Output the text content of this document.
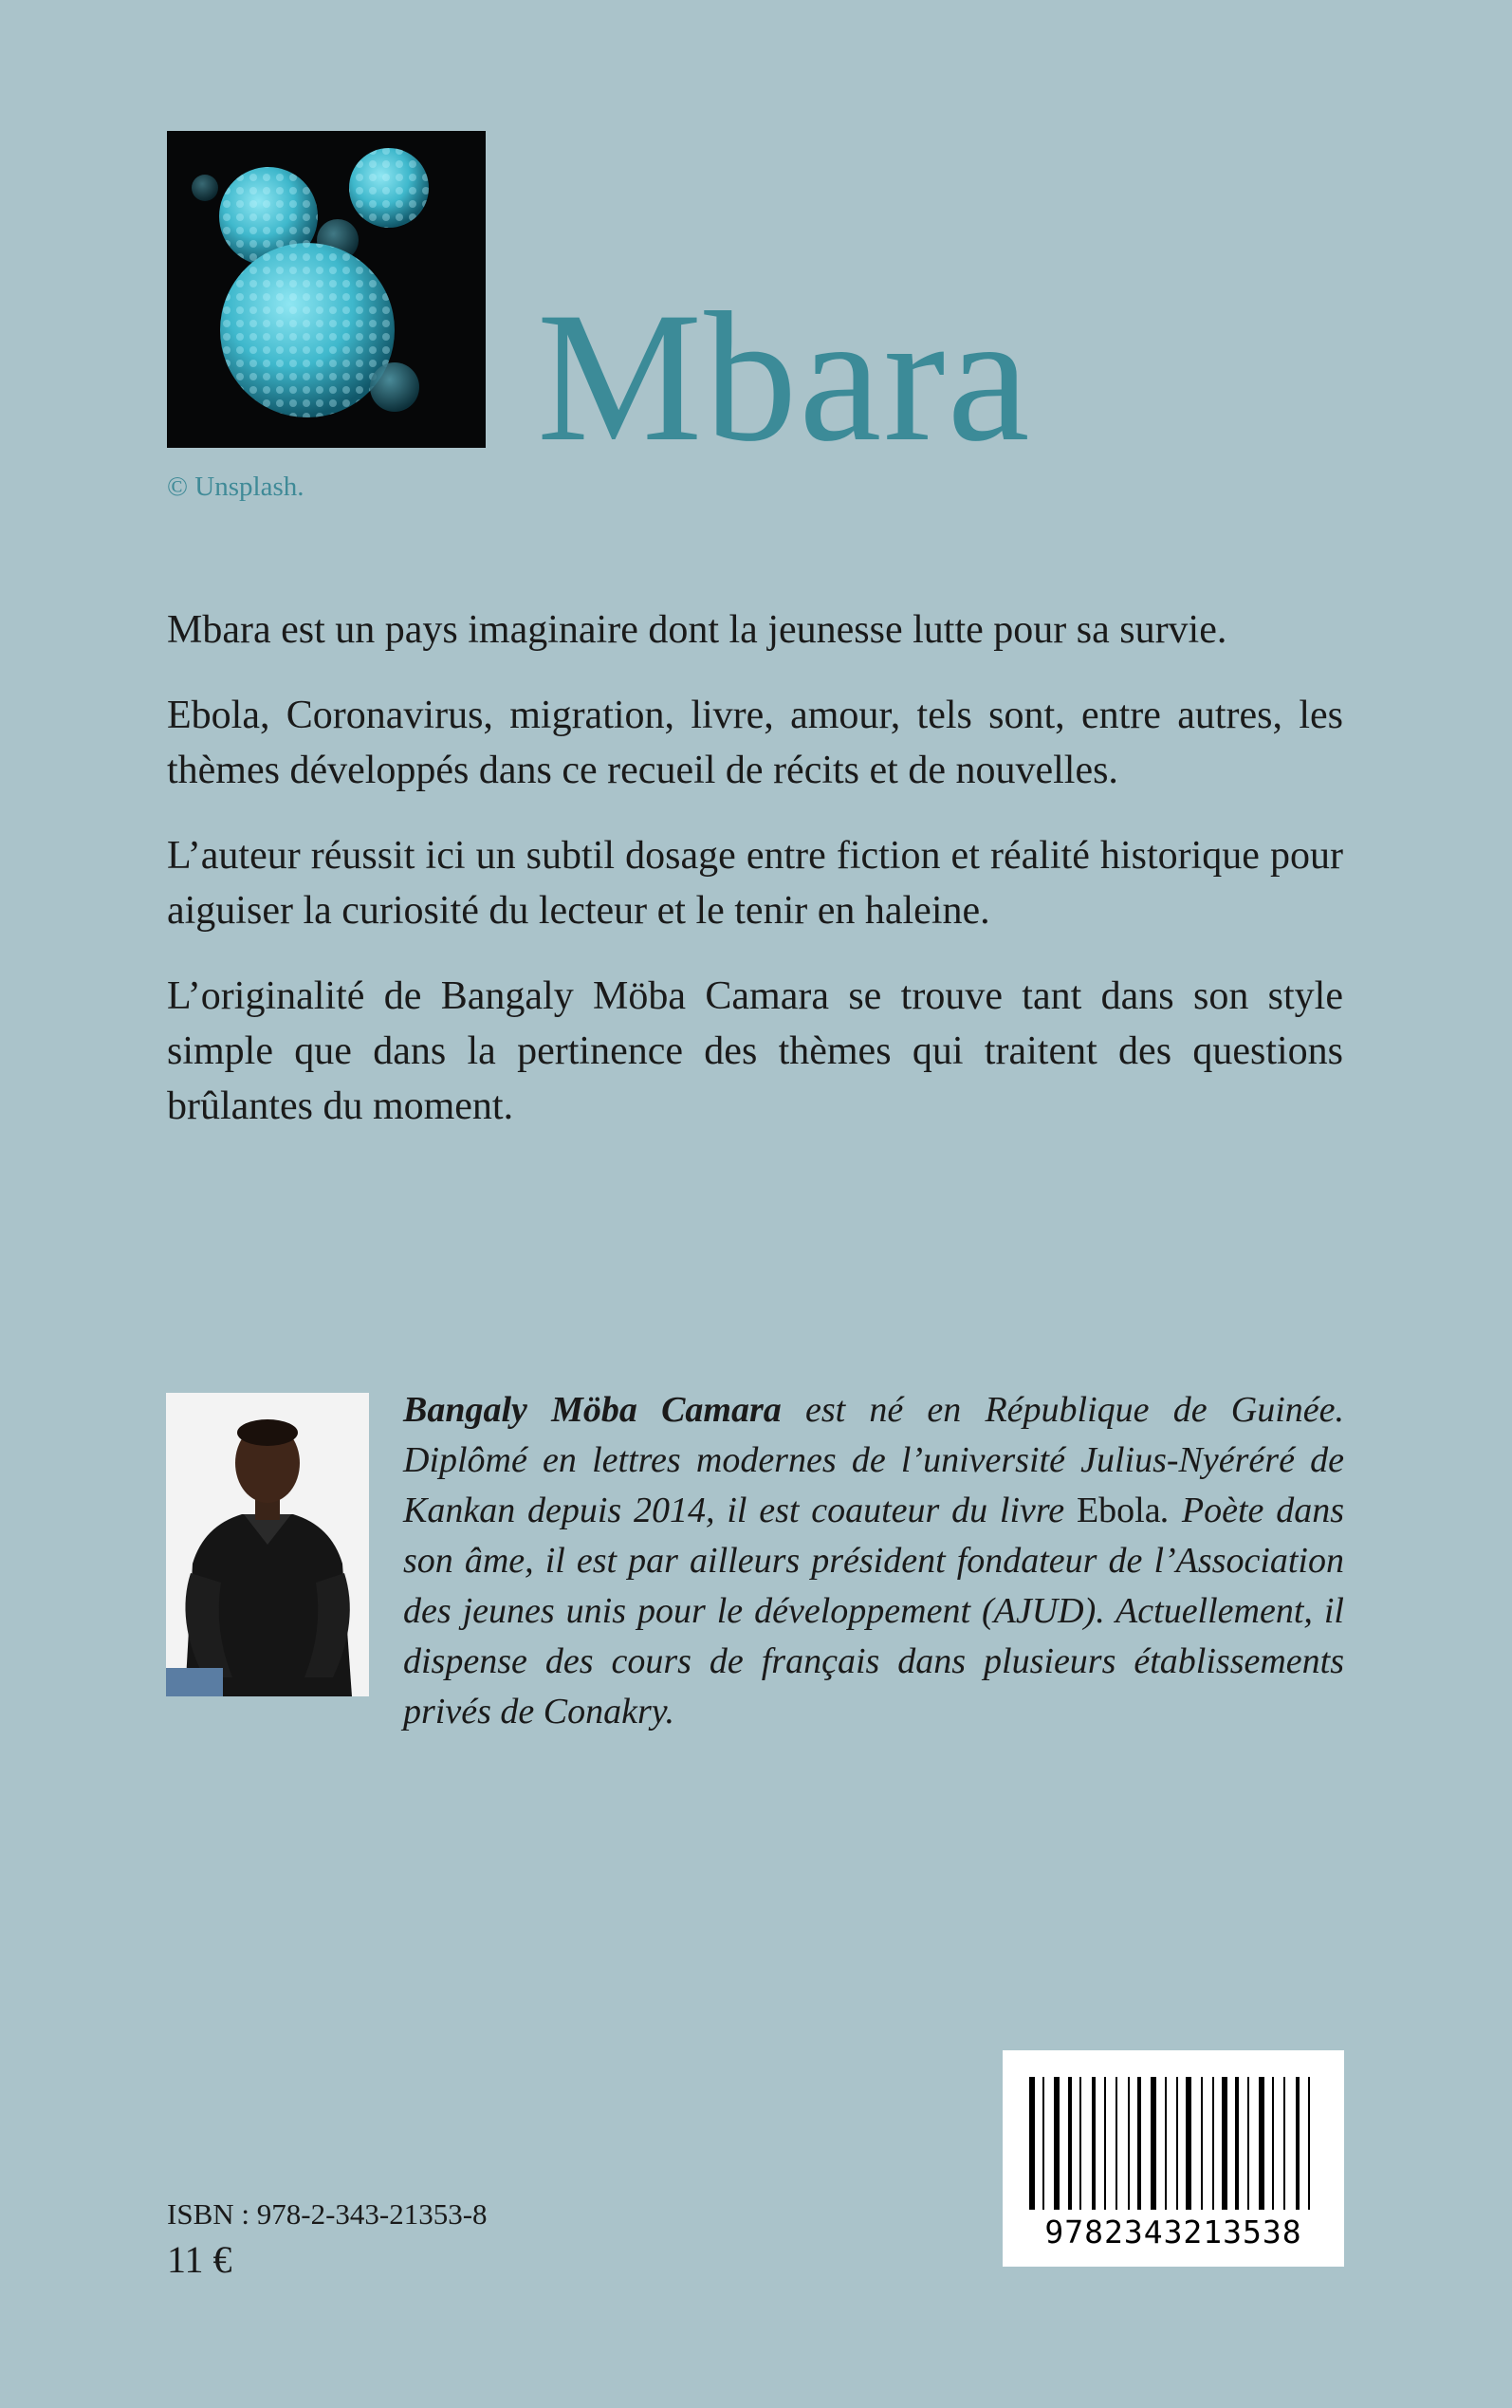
© Unsplash.
Mbara

Mbara est un pays imaginaire dont la jeunesse lutte pour sa survie.

Ebola, Coronavirus, migration, livre, amour, tels sont, entre autres, les thèmes développés dans ce recueil de récits et de nouvelles.

L’auteur réussit ici un subtil dosage entre fiction et réalité historique pour aiguiser la curiosité du lecteur et le tenir en haleine.

L’originalité de Bangaly Möba Camara se trouve tant dans son style simple que dans la pertinence des thèmes qui traitent des questions brûlantes du moment.

Bangaly Möba Camara est né en République de Guinée. Diplômé en lettres modernes de l’université Julius-Nyéréré de Kankan depuis 2014, il est coauteur du livre Ebola. Poète dans son âme, il est par ailleurs président fondateur de l’Association des jeunes unis pour le développement (AJUD). Actuellement, il dispense des cours de français dans plusieurs établissements privés de Conakry.

ISBN : 978-2-343-21353-8
11 €
9782343213538
